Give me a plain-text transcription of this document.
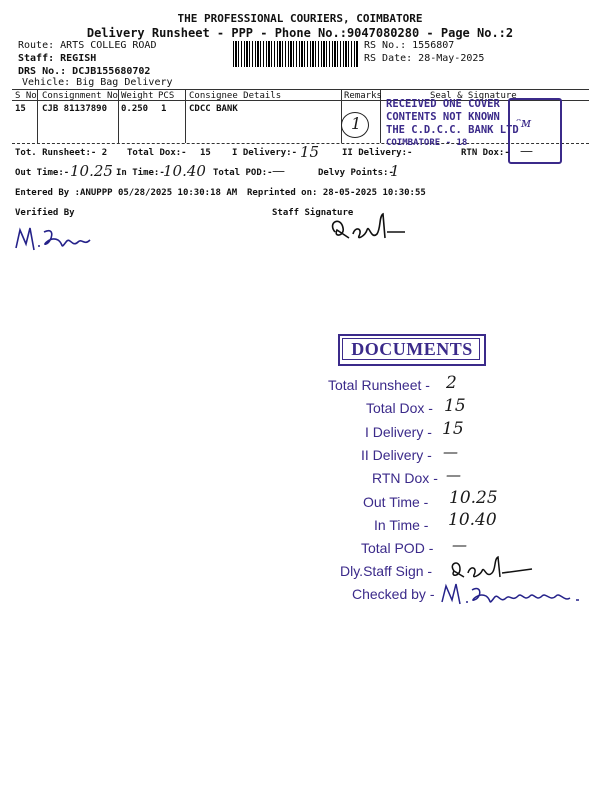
THE PROFESSIONAL COURIERS, COIMBATORE
Delivery Runsheet - PPP - Phone No.:9047080280 - Page No.:2
Route: ARTS COLLEG ROAD
Staff: REGISH
DRS No.: DCJB155680702
Vehicle: Big Bag Delivery
RS No.: 1556807
RS Date: 28-May-2025
S No Consignment No Weight PCS Consignee Details	Remarks	Seal & Signature
15 CJB 81137890 0.250 1	CDCC BANK
1
RECEIVED ONE COVER
CONTENTS NOT KNOWN
THE C.D.C.C. BANK LTD
COIMBATORE - 18
ᵔᴍ
Tot. Runsheet:- 2 Total Dox:- 15 I Delivery:- 15	II Delivery:-	RTN Dox:- —
Out Time:- 10.25 In Time:-
10.40 Total POD:- —	Delvy Points:-
1
Entered By :ANUPPP 05/28/2025 10:30:18 AM Reprinted on: 28-05-2025 10:30:55
Verified By	Staff Signature
DOCUMENTS
Total Runsheet - 2
Total Dox - 15
I Delivery - 15
II Delivery - —
RTN Dox - —
Out Time - 10.25
In Time - 10.40
Total POD - —
Dly.Staff Sign -
Checked by -
